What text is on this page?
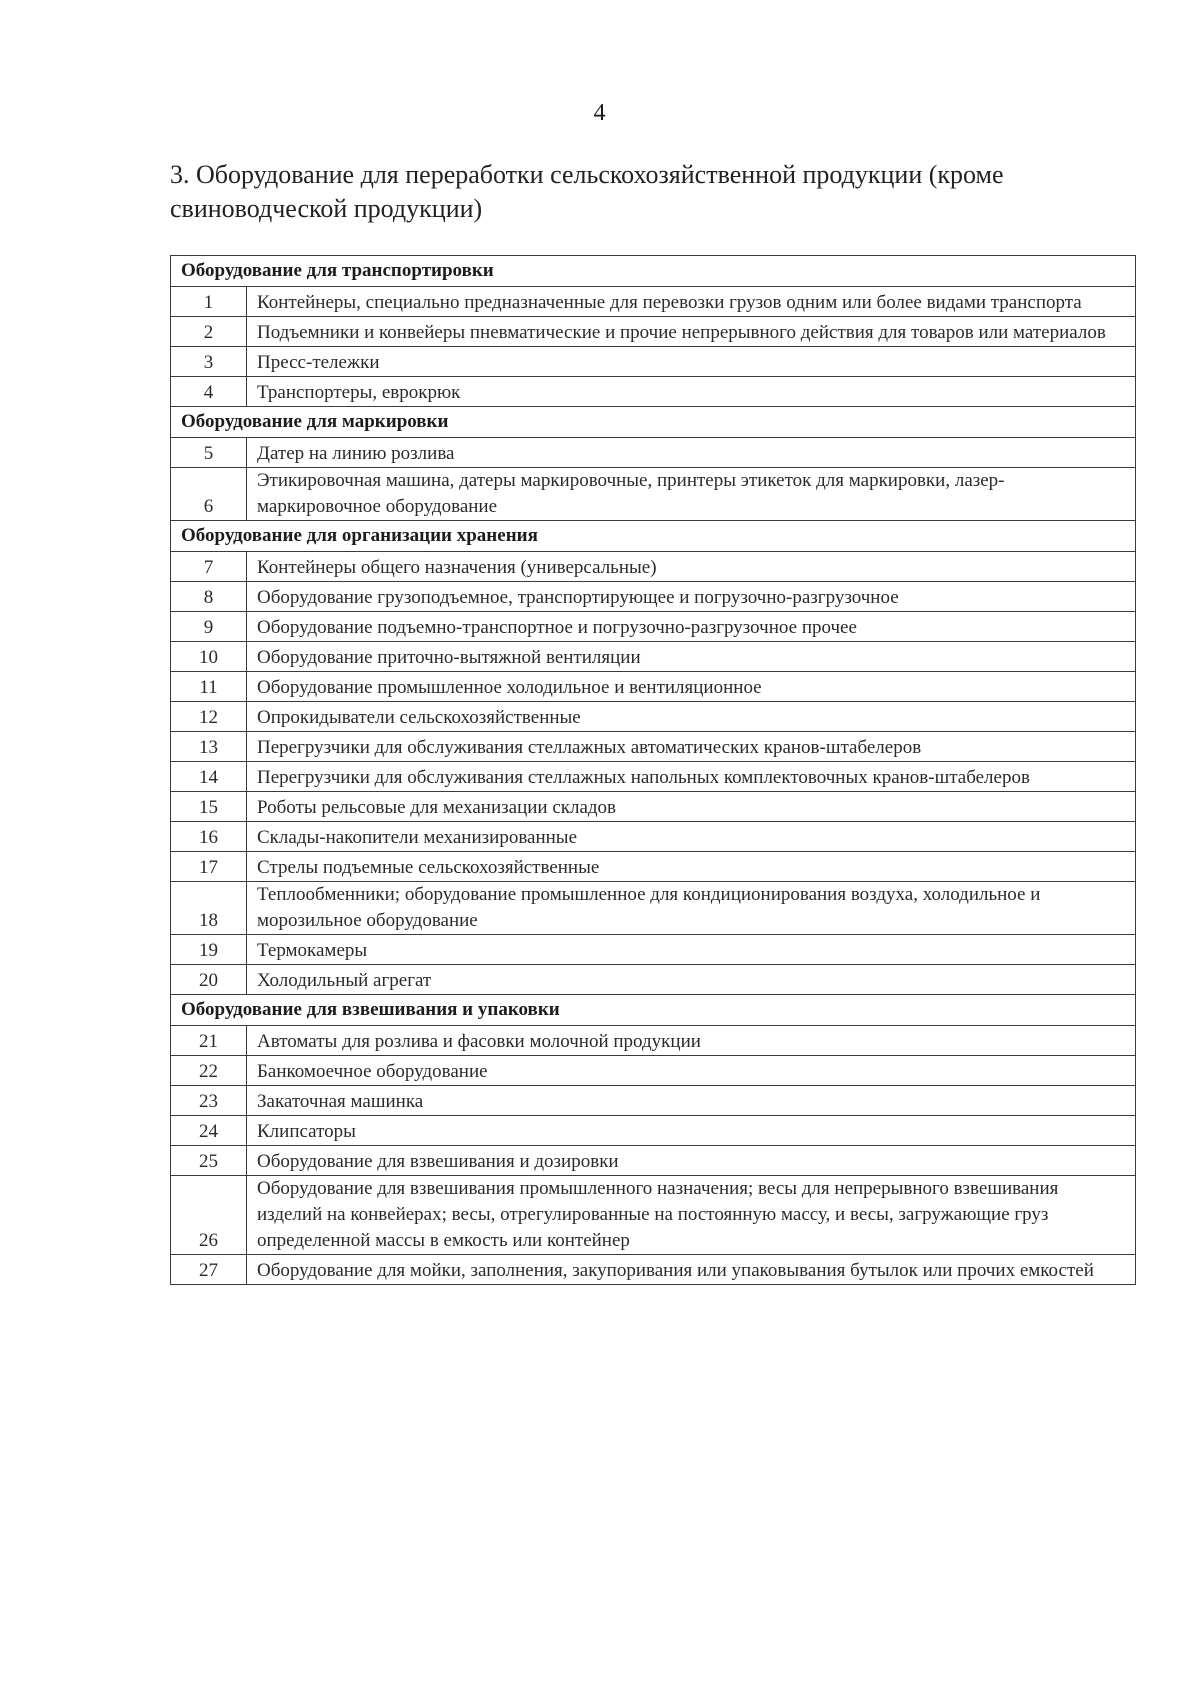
4
3. Оборудование для переработки сельскохозяйственной продукции (кроме свиноводческой продукции)
Оборудование для транспортировки	
1	Контейнеры, специально предназначенные для перевозки грузов одним или более видами транспорта
2	Подъемники и конвейеры пневматические и прочие непрерывного действия для товаров или материалов
3	Пресс-тележки
4	Транспортеры, еврокрюк
Оборудование для маркировки	
5	Датер на линию розлива
6	Этикировочная машина, датеры маркировочные, принтеры этикеток для маркировки, лазер-маркировочное оборудование
Оборудование для организации хранения	
7	Контейнеры общего назначения (универсальные)
8	Оборудование грузоподъемное, транспортирующее и погрузочно-разгрузочное
9	Оборудование подъемно-транспортное и погрузочно-разгрузочное прочее
10	Оборудование приточно-вытяжной вентиляции
11	Оборудование промышленное холодильное и вентиляционное
12	Опрокидыватели сельскохозяйственные
13	Перегрузчики для обслуживания стеллажных автоматических кранов-штабелеров
14	Перегрузчики для обслуживания стеллажных напольных комплектовочных кранов-штабелеров
15	Роботы рельсовые для механизации складов
16	Склады-накопители механизированные
17	Стрелы подъемные сельскохозяйственные
18	Теплообменники; оборудование промышленное для кондиционирования воздуха, холодильное и морозильное оборудование
19	Термокамеры
20	Холодильный агрегат
Оборудование для взвешивания и упаковки	
21	Автоматы для розлива и фасовки молочной продукции
22	Банкомоечное оборудование
23	Закаточная машинка
24	Клипсаторы
25	Оборудование для взвешивания и дозировки
26	Оборудование для взвешивания промышленного назначения; весы для непрерывного взвешивания изделий на конвейерах; весы, отрегулированные на постоянную массу, и весы, загружающие груз определенной массы в емкость или контейнер
27	Оборудование для мойки, заполнения, закупоривания или упаковывания бутылок или прочих емкостей
